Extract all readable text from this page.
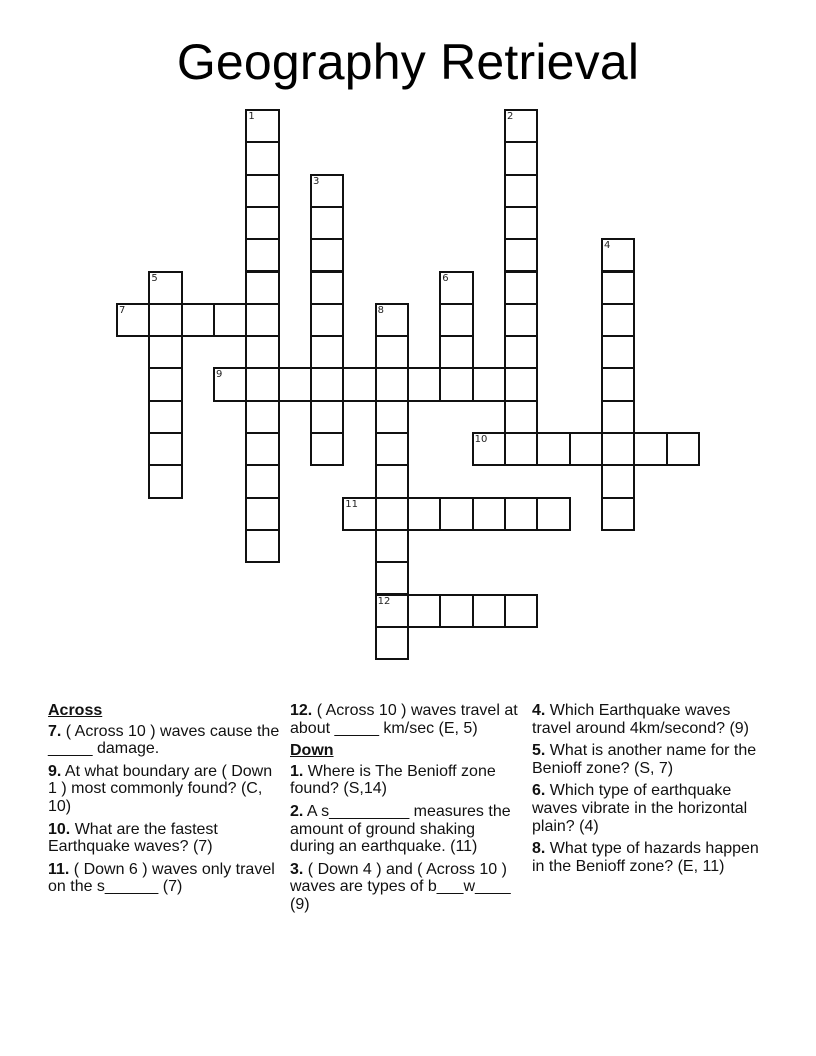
Geography Retrieval
1	2
3
4
5	6
7	8
12
9
10
11
Across
7. ( Across 10 ) waves cause the _____ damage.
9. At what boundary are ( Down 1 ) most commonly found? (C, 10)
10. What are the fastest Earthquake waves? (7)
11. ( Down 6 ) waves only travel on the s______ (7)
12. ( Across 10 ) waves travel at about _____ km/sec (E, 5)
Down
1. Where is The Benioff zone found? (S,14)
2. A s_________ measures the amount of ground shaking during an earthquake. (11)
3. ( Down 4 ) and ( Across 10 ) waves are types of b___w____ (9)
4. Which Earthquake waves travel around 4km/second? (9)
5. What is another name for the Benioff zone? (S, 7)
6. Which type of earthquake waves vibrate in the horizontal plain? (4)
8. What type of hazards happen in the Benioff zone? (E, 11)
